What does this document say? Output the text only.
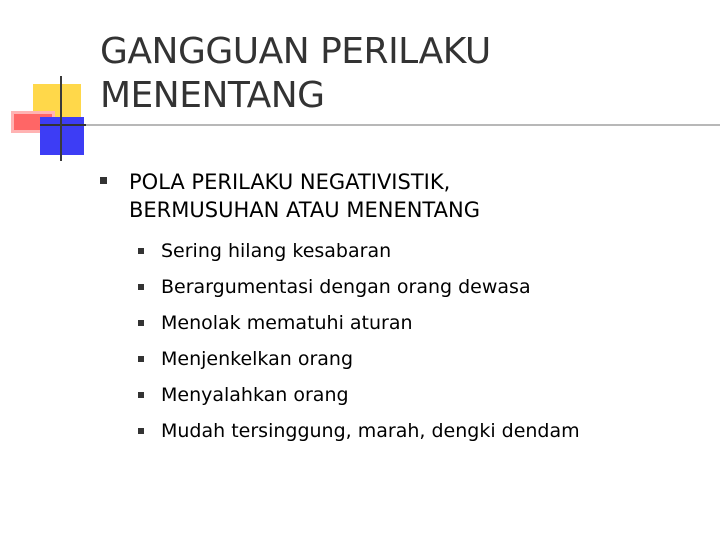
GANGGUAN PERILAKU
MENENTANG
POLA PERILAKU NEGATIVISTIK,
BERMUSUHAN ATAU MENENTANG
Sering hilang kesabaran
Berargumentasi dengan orang dewasa
Menolak mematuhi aturan
Menjenkelkan orang
Menyalahkan orang
Mudah tersinggung, marah, dengki dendam
